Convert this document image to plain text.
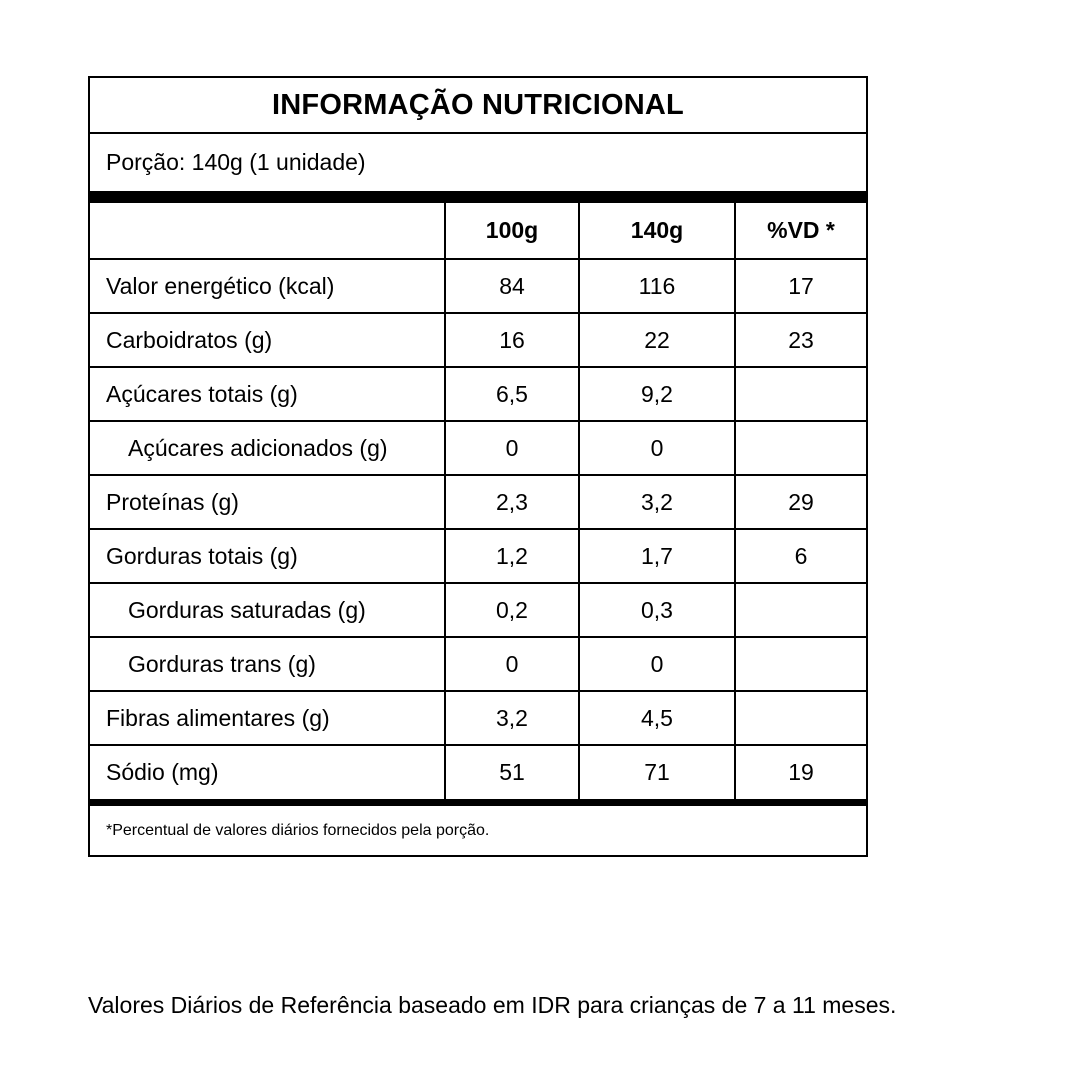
INFORMAÇÃO NUTRICIONAL
Porção: 140g (1 unidade)
	100g	140g	%VD *
Valor energético (kcal)	84	116	17
Carboidratos (g)	16	22	23
Açúcares totais (g)	6,5	9,2	
Açúcares adicionados (g)	0	0	
Proteínas (g)	2,3	3,2	29
Gorduras totais (g)	1,2	1,7	6
Gorduras saturadas (g)	0,2	0,3	
Gorduras trans (g)	0	0	
Fibras alimentares (g)	3,2	4,5	
Sódio (mg)	51	71	19
*Percentual de valores diários fornecidos pela porção.
Valores Diários de Referência baseado em IDR para crianças de 7 a 11 meses.
